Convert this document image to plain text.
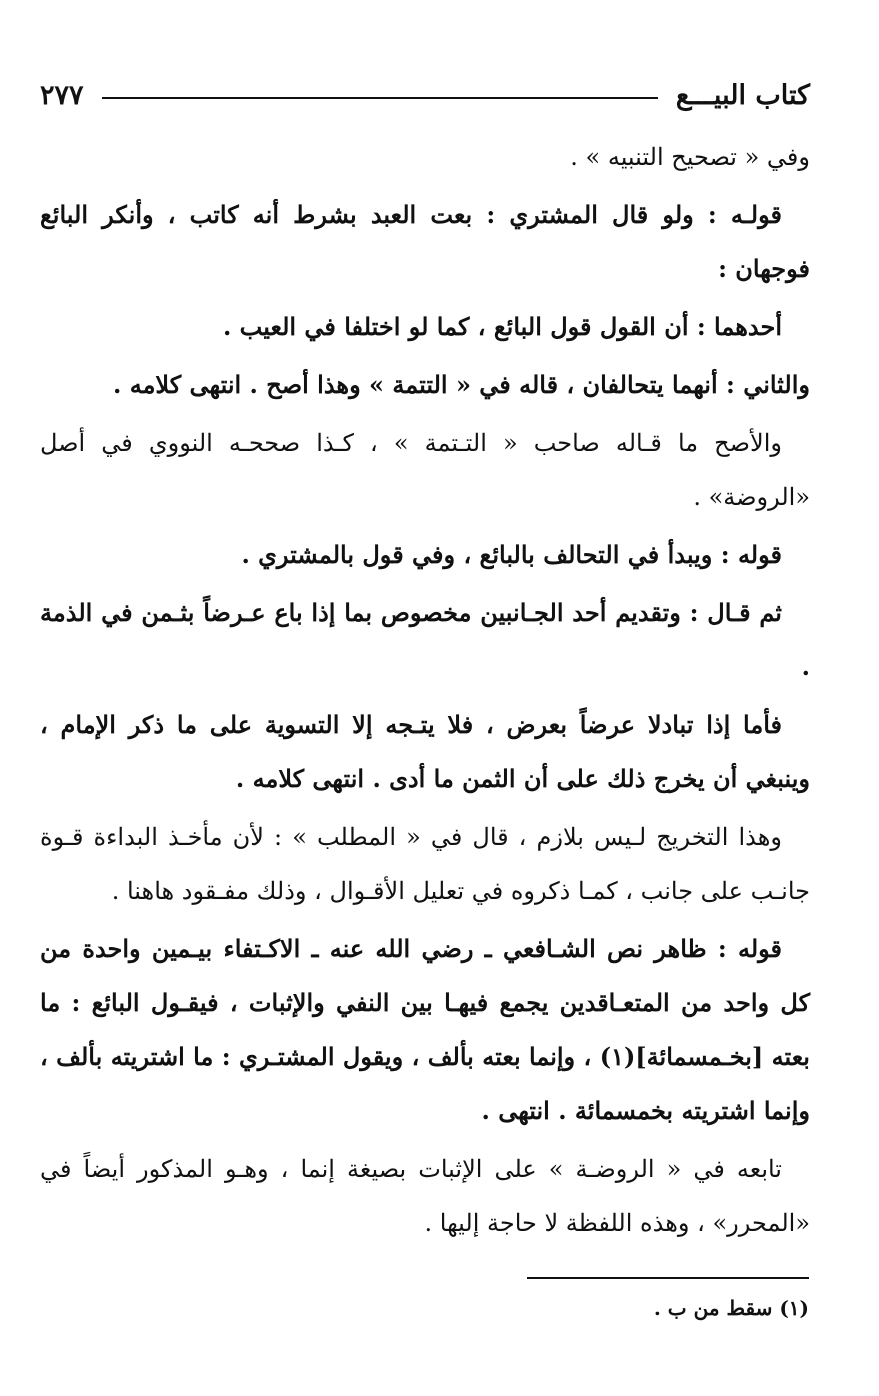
كتاب البيـــع
٢٧٧

وفي « تصحيح التنبيه » .

قولـه : ولو قال المشتري : بعت العبد بشرط أنه كاتب ، وأنكر البائع فوجهان :

أحدهما : أن القول قول البائع ، كما لو اختلفا في العيب .

والثاني : أنهما يتحالفان ، قاله في « التتمة » وهذا أصح . انتهى كلامه .

والأصح ما قـاله صاحب « التـتمة » ، كـذا صححـه النووي في أصل «الروضة» .

قوله : ويبدأ في التحالف بالبائع ، وفي قول بالمشتري .

ثم قـال : وتقديم أحد الجـانبين مخصوص بما إذا باع عـرضاً بثـمن في الذمة .

فأما إذا تبادلا عرضاً بعرض ، فلا يتـجه إلا التسوية على ما ذكر الإمام ، وينبغي أن يخرج ذلك على أن الثمن ما أدى . انتهى كلامه .

وهذا التخريج لـيس بلازم ، قال في « المطلب » : لأن مأخـذ البداءة قـوة جانـب على جانب ، كمـا ذكروه في تعليل الأقـوال ، وذلك مفـقود هاهنا .

قوله : ظاهر نص الشـافعي ـ رضي الله عنه ـ الاكـتفاء بيـمين واحدة من كل واحد من المتعـاقدين يجمع فيهـا بين النفي والإثبات ، فيقـول البائع : ما بعته [بخـمسمائة](١) ، وإنما بعته بألف ، ويقول المشتـري : ما اشتريته بألف ، وإنما اشتريته بخمسمائة . انتهى .

تابعه في « الروضـة » على الإثبات بصيغة إنما ، وهـو المذكور أيضاً في «المحرر» ، وهذه اللفظة لا حاجة إليها .

(١) سقط من ب .
